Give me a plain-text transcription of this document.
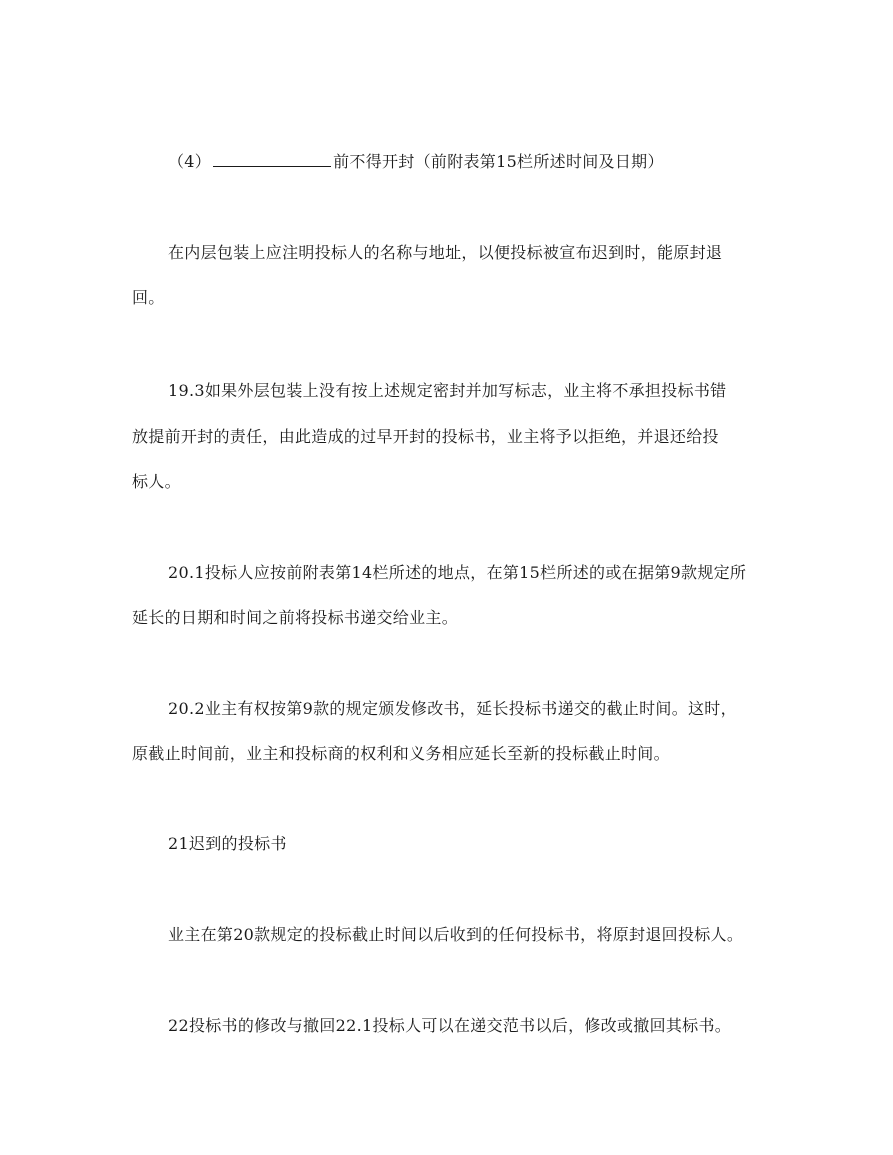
（4）	前不得开封（前附表第15栏所述时间及日期）
在内层包装上应注明投标人的名称与地址，以便投标被宣布迟到时，能原封退
回。
19.3如果外层包装上没有按上述规定密封并加写标志，业主将不承担投标书错
放提前开封的责任，由此造成的过早开封的投标书，业主将予以拒绝，并退还给投
标人。
20.1投标人应按前附表第14栏所述的地点，在第15栏所述的或在据第9款规定所
延长的日期和时间之前将投标书递交给业主。
20.2业主有权按第9款的规定颁发修改书，延长投标书递交的截止时间。这时，
原截止时间前，业主和投标商的权利和义务相应延长至新的投标截止时间。
21迟到的投标书
业主在第20款规定的投标截止时间以后收到的任何投标书，将原封退回投标人。
22投标书的修改与撤回22.1投标人可以在递交范书以后，修改或撤回其标书。
